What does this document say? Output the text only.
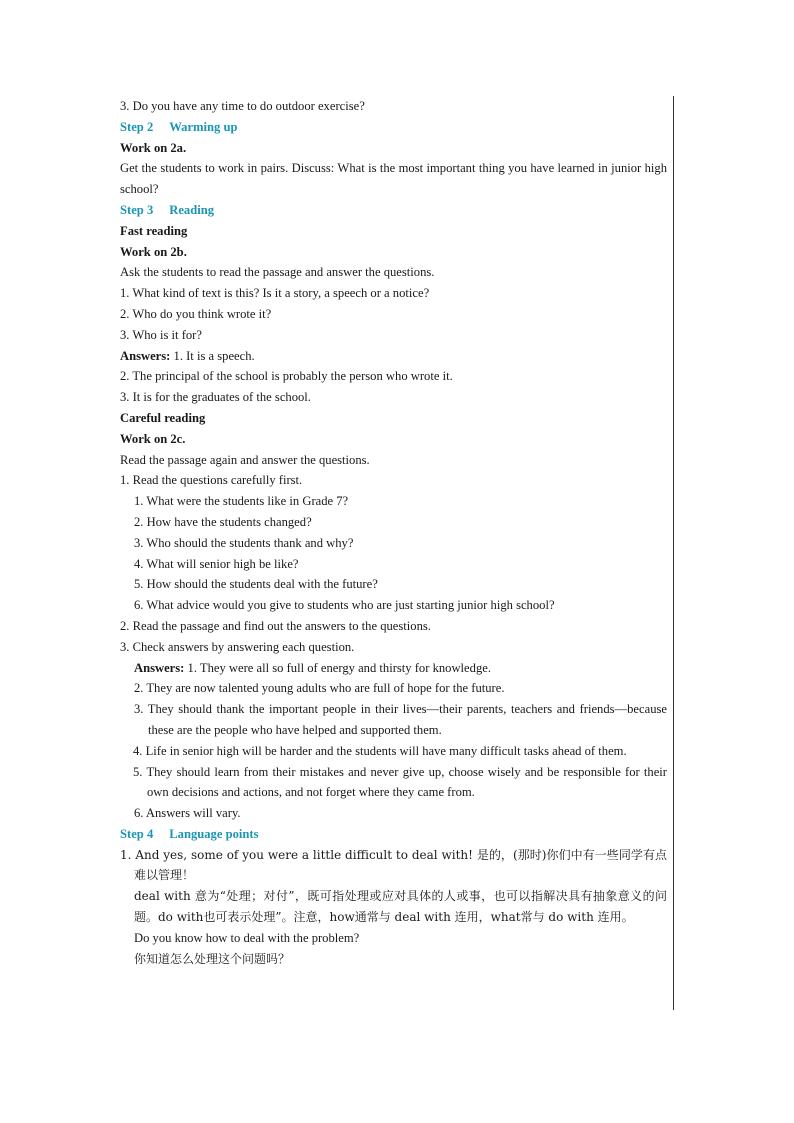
3. Do you have any time to do outdoor exercise?
Step 2 Warming up
Work on 2a.
Get the students to work in pairs. Discuss: What is the most important thing you have learned in junior high school?
Step 3 Reading
Fast reading
Work on 2b.
Ask the students to read the passage and answer the questions.
1. What kind of text is this? Is it a story, a speech or a notice?
2. Who do you think wrote it?
3. Who is it for?
Answers: 1. It is a speech.
2. The principal of the school is probably the person who wrote it.
3. It is for the graduates of the school.
Careful reading
Work on 2c.
Read the passage again and answer the questions.
1. Read the questions carefully first.
1. What were the students like in Grade 7?
2. How have the students changed?
3. Who should the students thank and why?
4. What will senior high be like?
5. How should the students deal with the future?
6. What advice would you give to students who are just starting junior high school?
2. Read the passage and find out the answers to the questions.
3. Check answers by answering each question.
Answers: 1. They were all so full of energy and thirsty for knowledge.
2. They are now talented young adults who are full of hope for the future.
3. They should thank the important people in their lives—their parents, teachers and friends—because these are the people who have helped and supported them.
4. Life in senior high will be harder and the students will have many difficult tasks ahead of them.
5. They should learn from their mistakes and never give up, choose wisely and be responsible for their own decisions and actions, and not forget where they came from.
6. Answers will vary.
Step 4 Language points
1. And yes, some of you were a little difficult to deal with! 是的，(那时)你们中有一些同学有点难以管理！
deal with 意为“处理；对付”，既可指处理或应对具体的人或事，也可以指解决具有抽象意义的问题。do with也可表示处理”。注意，how通常与 deal with 连用，what常与 do with 连用。
Do you know how to deal with the problem?
你知道怎么处理这个问题吗？
